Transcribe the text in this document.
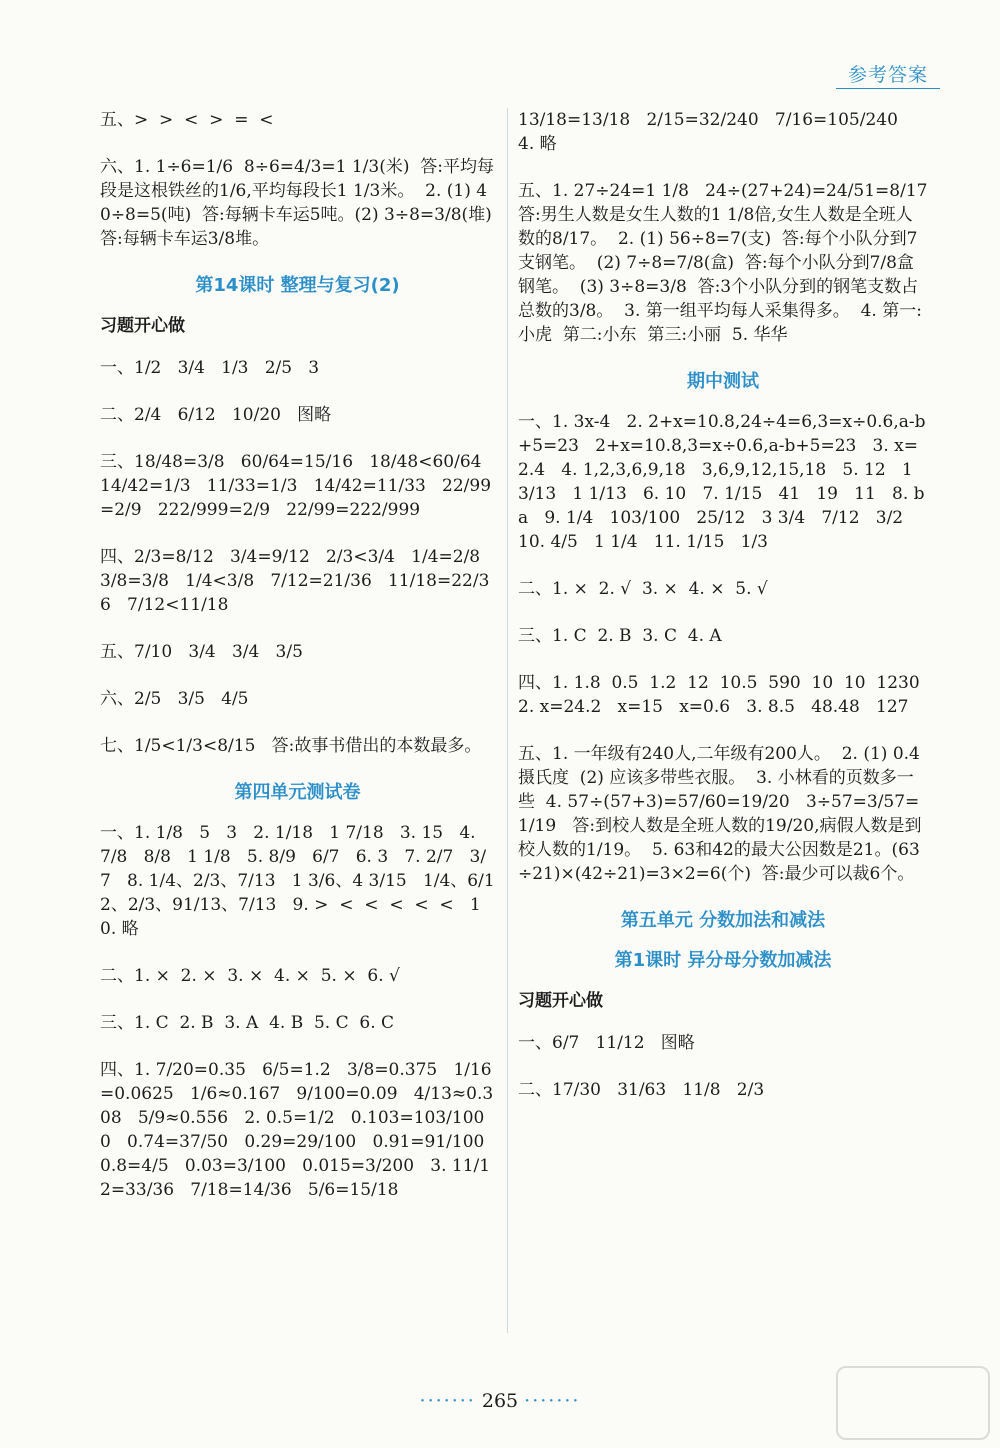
参考答案
五、>  >  <  >  =  <
六、1. 1÷6=1/6  8÷6=4/3=1 1/3(米)  答:平均每段是这根铁丝的1/6,平均每段长1 1/3米。  2. (1) 40÷8=5(吨)  答:每辆卡车运5吨。(2) 3÷8=3/8(堆)  答:每辆卡车运3/8堆。
第14课时 整理与复习(2)
习题开心做
一、1/2   3/4   1/3   2/5   3
二、2/4   6/12   10/20   图略
三、18/48=3/8   60/64=15/16   18/48<60/64   14/42=1/3   11/33=1/3   14/42=11/33   22/99=2/9   222/999=2/9   22/99=222/999
四、2/3=8/12   3/4=9/12   2/3<3/4   1/4=2/8   3/8=3/8   1/4<3/8   7/12=21/36   11/18=22/36   7/12<11/18
五、7/10   3/4   3/4   3/5
六、2/5   3/5   4/5
七、1/5<1/3<8/15   答:故事书借出的本数最多。
第四单元测试卷
一、1. 1/8   5   3   2. 1/18   1 7/18   3. 15   4. 7/8   8/8   1 1/8   5. 8/9   6/7   6. 3   7. 2/7   3/7   8. 1/4、2/3、7/13   1 3/6、4 3/15   1/4、6/12、2/3、91/13、7/13   9. >  <  <  <  <  <   10. 略
二、1. ×  2. ×  3. ×  4. ×  5. ×  6. √
三、1. C  2. B  3. A  4. B  5. C  6. C
四、1. 7/20=0.35   6/5=1.2   3/8=0.375   1/16=0.0625   1/6≈0.167   9/100=0.09   4/13≈0.308   5/9≈0.556   2. 0.5=1/2   0.103=103/1000   0.74=37/50   0.29=29/100   0.91=91/100   0.8=4/5   0.03=3/100   0.015=3/200   3. 11/12=33/36   7/18=14/36   5/6=15/18
13/18=13/18   2/15=32/240   7/16=105/240   4. 略
五、1. 27÷24=1 1/8   24÷(27+24)=24/51=8/17   答:男生人数是女生人数的1 1/8倍,女生人数是全班人数的8/17。  2. (1) 56÷8=7(支)  答:每个小队分到7支钢笔。  (2) 7÷8=7/8(盒)  答:每个小队分到7/8盒钢笔。  (3) 3÷8=3/8  答:3个小队分到的钢笔支数占总数的3/8。  3. 第一组平均每人采集得多。  4. 第一:小虎  第二:小东  第三:小丽  5. 华华
期中测试
一、1. 3x-4   2. 2+x=10.8,24÷4=6,3=x÷0.6,a-b+5=23   2+x=10.8,3=x÷0.6,a-b+5=23   3. x=2.4   4. 1,2,3,6,9,18   3,6,9,12,15,18   5. 12   13/13   1 1/13   6. 10   7. 1/15   41   19   11   8. b   a   9. 1/4   103/100   25/12   3 3/4   7/12   3/2   10. 4/5   1 1/4   11. 1/15   1/3
二、1. ×  2. √  3. ×  4. ×  5. √
三、1. C  2. B  3. C  4. A
四、1. 1.8  0.5  1.2  12  10.5  590  10  10  1230   2. x=24.2   x=15   x=0.6   3. 8.5   48.48   127
五、1. 一年级有240人,二年级有200人。  2. (1) 0.4摄氏度  (2) 应该多带些衣服。  3. 小林看的页数多一些  4. 57÷(57+3)=57/60=19/20   3÷57=3/57=1/19   答:到校人数是全班人数的19/20,病假人数是到校人数的1/19。  5. 63和42的最大公因数是21。(63÷21)×(42÷21)=3×2=6(个)  答:最少可以裁6个。
第五单元 分数加法和减法
第1课时 异分母分数加减法
习题开心做
一、6/7   11/12   图略
二、17/30   31/63   11/8   2/3
······· 265 ·······
